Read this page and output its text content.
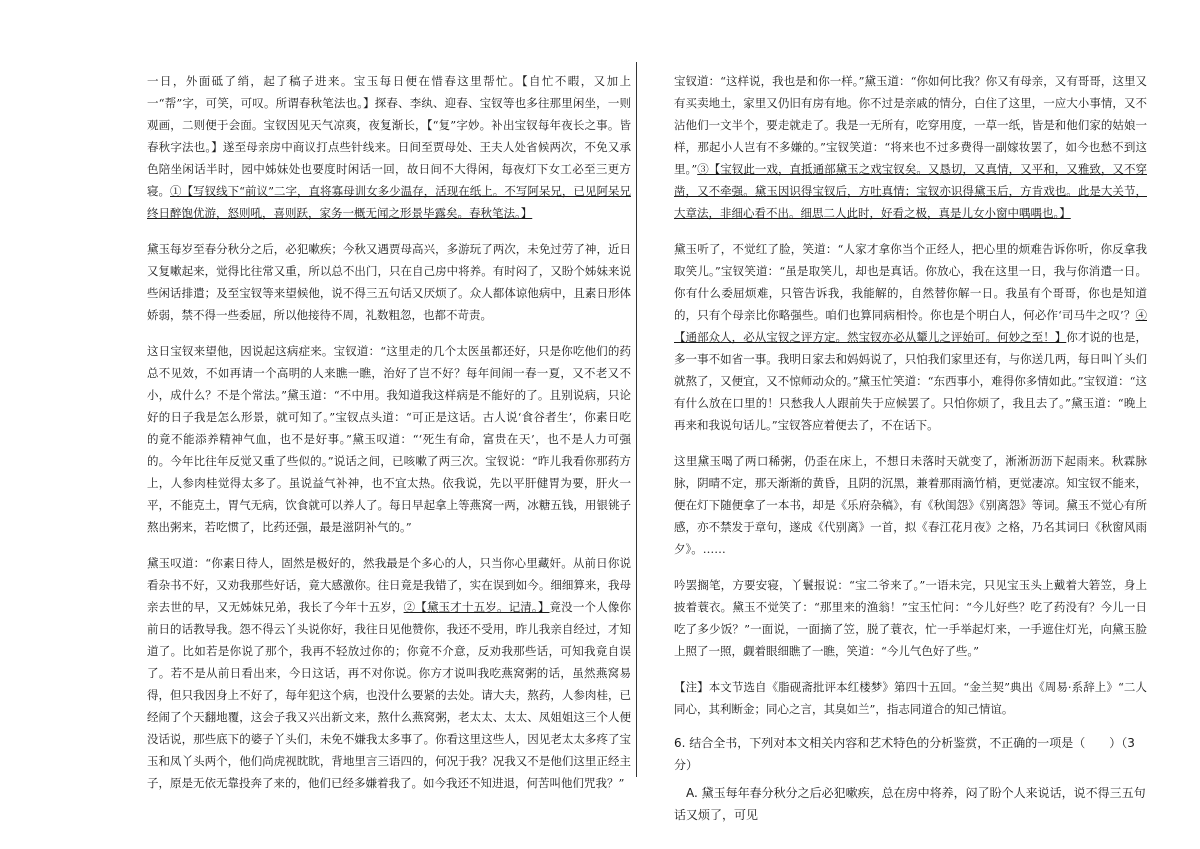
一日，外面砥了绡，起了稿子进来。宝玉每日便在惜春这里帮忙。【自忙不暇，又加上一“帮”字，可笑，可叹。所谓春秋笔法也。】探春、李纨、迎春、宝钗等也多往那里闲坐，一则观画，二则便于会面。宝钗因见天气凉爽，夜复渐长，【“复”字妙。补出宝钗每年夜长之事。皆春秋字法也。】遂至母亲房中商议打点些针线来。日间至贾母处、王夫人处省候两次，不免又承色陪坐闲话半时，园中姊妹处也要度时闲话一回，故日间不大得闲，每夜灯下女工必至三更方寝。①【写钗线下“前议”二字，直将寡母训女多少温存，活现在纸上。不写阿呆兄，已见阿呆兄终日醉饱优游，怒则吼，喜则跃，家务一概无闻之形景毕露矣。春秋笔法。】

黛玉每岁至春分秋分之后，必犯嗽疾；今秋又遇贾母高兴，多游玩了两次，未免过劳了神，近日又复嗽起来，觉得比往常又重，所以总不出门，只在自己房中将养。有时闷了，又盼个姊妹来说些闲话排遣；及至宝钗等来望候他，说不得三五句话又厌烦了。众人都体谅他病中，且素日形体娇弱，禁不得一些委屈，所以他接待不周，礼数粗忽，也都不苛责。

这日宝钗来望他，因说起这病症来。宝钗道：“这里走的几个太医虽都还好，只是你吃他们的药总不见效，不如再请一个高明的人来瞧一瞧，治好了岂不好？每年间闹一春一夏，又不老又不小，成什么？不是个常法。”黛玉道：“不中用。我知道我这样病是不能好的了。且别说病，只论好的日子我是怎么形景，就可知了。”宝钗点头道：“可正是这话。古人说‘食谷者生’，你素日吃的竟不能添养精神气血，也不是好事。”黛玉叹道：“‘死生有命，富贵在天’，也不是人力可强的。今年比往年反觉又重了些似的。”说话之间，已咳嗽了两三次。宝钗说：“昨儿我看你那药方上，人参肉桂觉得太多了。虽说益气补神，也不宜太热。依我说，先以平肝健胃为要，肝火一平，不能克土，胃气无病，饮食就可以养人了。每日早起拿上等燕窝一两，冰糖五钱，用银铫子熬出粥来，若吃惯了，比药还强，最是滋阴补气的。”

黛玉叹道：“你素日待人，固然是极好的，然我最是个多心的人，只当你心里藏奸。从前日你说看杂书不好，又劝我那些好话，竟大感激你。往日竟是我错了，实在误到如今。细细算来，我母亲去世的早，又无姊妹兄弟，我长了今年十五岁，②【黛玉才十五岁。记清。】竟没一个人像你前日的话教导我。怨不得云丫头说你好，我往日见他赞你，我还不受用，昨儿我亲自经过，才知道了。比如若是你说了那个，我再不轻放过你的；你竟不介意，反劝我那些话，可知我竟自误了。若不是从前日看出来，今日这话，再不对你说。你方才说叫我吃燕窝粥的话，虽然燕窝易得，但只我因身上不好了，每年犯这个病，也没什么要紧的去处。请大夫，熬药，人参肉桂，已经闹了个天翻地覆，这会子我又兴出新文来，熬什么燕窝粥，老太太、太太、凤姐姐这三个人便没话说，那些底下的婆子丫头们，未免不嫌我太多事了。你看这里这些人，因见老太太多疼了宝玉和凤丫头两个，他们尚虎视眈眈，背地里言三语四的，何况于我？况我又不是他们这里正经主子，原是无依无靠投奔了来的，他们已经多嫌着我了。如今我还不知进退，何苦叫他们咒我？”

宝钗道：“这样说，我也是和你一样。”黛玉道：“你如何比我？你又有母亲，又有哥哥，这里又有买卖地土，家里又仍旧有房有地。你不过是亲戚的情分，白住了这里，一应大小事情，又不沾他们一文半个，要走就走了。我是一无所有，吃穿用度，一草一纸，皆是和他们家的姑娘一样，那起小人岂有不多嫌的。”宝钗笑道：“将来也不过多费得一副嫁妆罢了，如今也愁不到这里。”③【宝钗此一戏，直抵通部黛玉之戏宝钗矣。又恳切，又真情，又平和，又雅致，又不穿凿，又不牵强。黛玉因识得宝钗后，方吐真情；宝钗亦识得黛玉后，方肯戏也。此是大关节，大章法，非细心看不出。细思二人此时，好看之极，真是儿女小窗中喁喁也。】

黛玉听了，不觉红了脸，笑道：“人家才拿你当个正经人，把心里的烦难告诉你听，你反拿我取笑儿。”宝钗笑道：“虽是取笑儿，却也是真话。你放心，我在这里一日，我与你消遣一日。你有什么委屈烦难，只管告诉我，我能解的，自然替你解一日。我虽有个哥哥，你也是知道的，只有个母亲比你略强些。咱们也算同病相怜。你也是个明白人，何必作‘司马牛之叹’？④【通部众人，必从宝钗之评方定。然宝钗亦必从颦儿之评始可。何妙之至！】你才说的也是，多一事不如省一事。我明日家去和妈妈说了，只怕我们家里还有，与你送几两，每日叫丫头们就熬了，又便宜，又不惊师动众的。”黛玉忙笑道：“东西事小，难得你多情如此。”宝钗道：“这有什么放在口里的！只愁我人人跟前失于应候罢了。只怕你烦了，我且去了。”黛玉道：“晚上再来和我说句话儿。”宝钗答应着便去了，不在话下。

这里黛玉喝了两口稀粥，仍歪在床上，不想日未落时天就变了，淅淅沥沥下起雨来。秋霖脉脉，阴晴不定，那天渐渐的黄昏，且阴的沉黑，兼着那雨滴竹梢，更觉凄凉。知宝钗不能来，便在灯下随便拿了一本书，却是《乐府杂稿》，有《秋闺怨》《别离怨》等词。黛玉不觉心有所感，亦不禁发于章句，遂成《代别离》一首，拟《春江花月夜》之格，乃名其词曰《秋窗风雨夕》。……

吟罢搁笔，方要安寝，丫鬟报说：“宝二爷来了。”一语未完，只见宝玉头上戴着大箬笠，身上披着蓑衣。黛玉不觉笑了：“那里来的渔翁！”宝玉忙问：“今儿好些？吃了药没有？今儿一日吃了多少饭？”一面说，一面摘了笠，脱了蓑衣，忙一手举起灯来，一手遮住灯光，向黛玉脸上照了一照，觑着眼细瞧了一瞧，笑道：“今儿气色好了些。”

【注】本文节选自《脂砚斋批评本红楼梦》第四十五回。“金兰契”典出《周易·系辞上》“二人同心，其利断金；同心之言，其臭如兰”，指志同道合的知己情谊。

6. 结合全书，下列对本文相关内容和艺术特色的分析鉴赏，不正确的一项是（　　）（3分）

A. 黛玉每年春分秋分之后必犯嗽疾，总在房中将养，闷了盼个人来说话，说不得三五句话又烦了，可见
